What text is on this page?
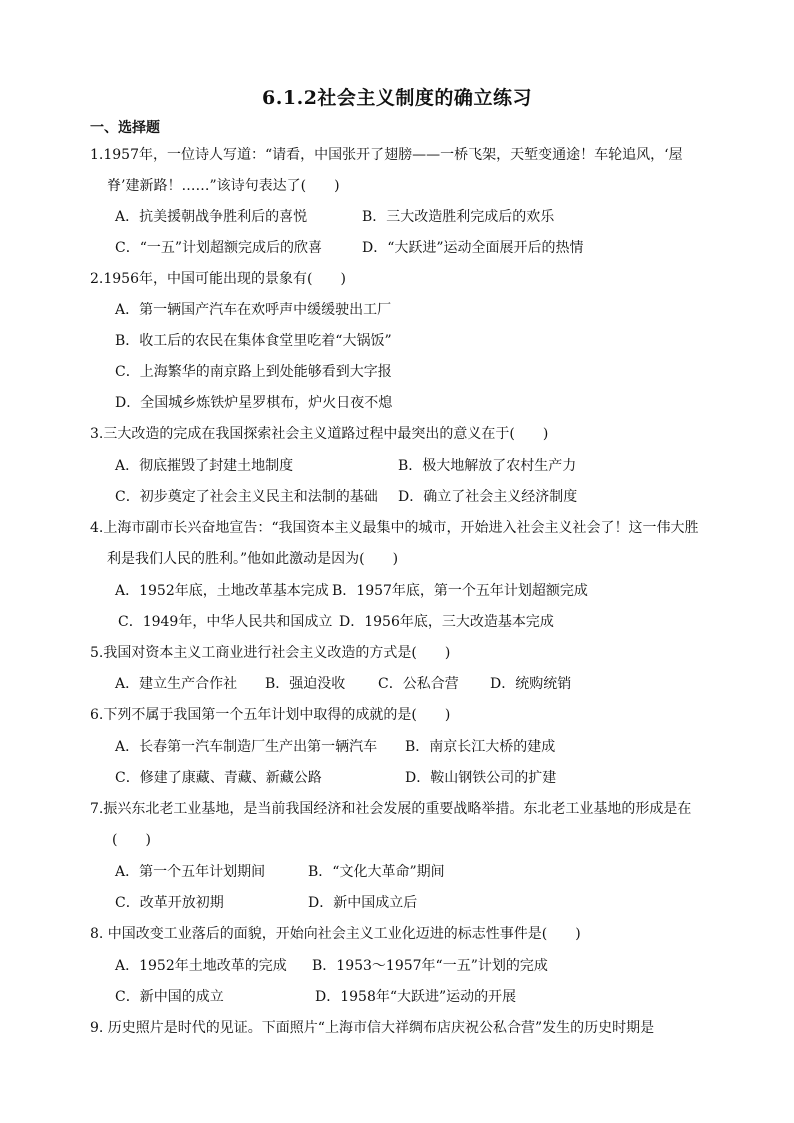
6.1.2社会主义制度的确立练习
一、选择题
1.1957年，一位诗人写道：“请看，中国张开了翅膀——一桥飞架，天堑变通途！车轮追风，‘屋
脊’建新路！……”该诗句表达了(　　)
A．抗美援朝战争胜利后的喜悦	B．三大改造胜利完成后的欢乐
C．“一五”计划超额完成后的欣喜	D．“大跃进”运动全面展开后的热情
2.1956年，中国可能出现的景象有(　　)
A．第一辆国产汽车在欢呼声中缓缓驶出工厂
B．收工后的农民在集体食堂里吃着“大锅饭”
C．上海繁华的南京路上到处能够看到大字报
D．全国城乡炼铁炉星罗棋布，炉火日夜不熄
3.三大改造的完成在我国探索社会主义道路过程中最突出的意义在于(　　)
A．彻底摧毁了封建土地制度	B．极大地解放了农村生产力
C．初步奠定了社会主义民主和法制的基础 D．确立了社会主义经济制度
4.上海市副市长兴奋地宣告：“我国资本主义最集中的城市，开始进入社会主义社会了！这一伟大胜
利是我们人民的胜利。”他如此激动是因为(　　)
A．1952年底，土地改革基本完成 B．1957年底，第一个五年计划超额完成
C．1949年，中华人民共和国成立 D．1956年底，三大改造基本完成
5.我国对资本主义工商业进行社会主义改造的方式是(　　)
A．建立生产合作社 B．强迫没收 C．公私合营 D．统购统销
6.下列不属于我国第一个五年计划中取得的成就的是(　　)
A．长春第一汽车制造厂生产出第一辆汽车 B．南京长江大桥的建成
C．修建了康藏、青藏、新藏公路	D．鞍山钢铁公司的扩建
7.振兴东北老工业基地，是当前我国经济和社会发展的重要战略举措。东北老工业基地的形成是在
(　　)
A．第一个五年计划期间	B．“文化大革命”期间
C．改革开放初期	D．新中国成立后
8. 中国改变工业落后的面貌，开始向社会主义工业化迈进的标志性事件是(　　)
A．1952年土地改革的完成 B．1953～1957年“一五”计划的完成
C．新中国的成立	D．1958年“大跃进”运动的开展
9. 历史照片是时代的见证。下面照片“上海市信大祥绸布店庆祝公私合营”发生的历史时期是
